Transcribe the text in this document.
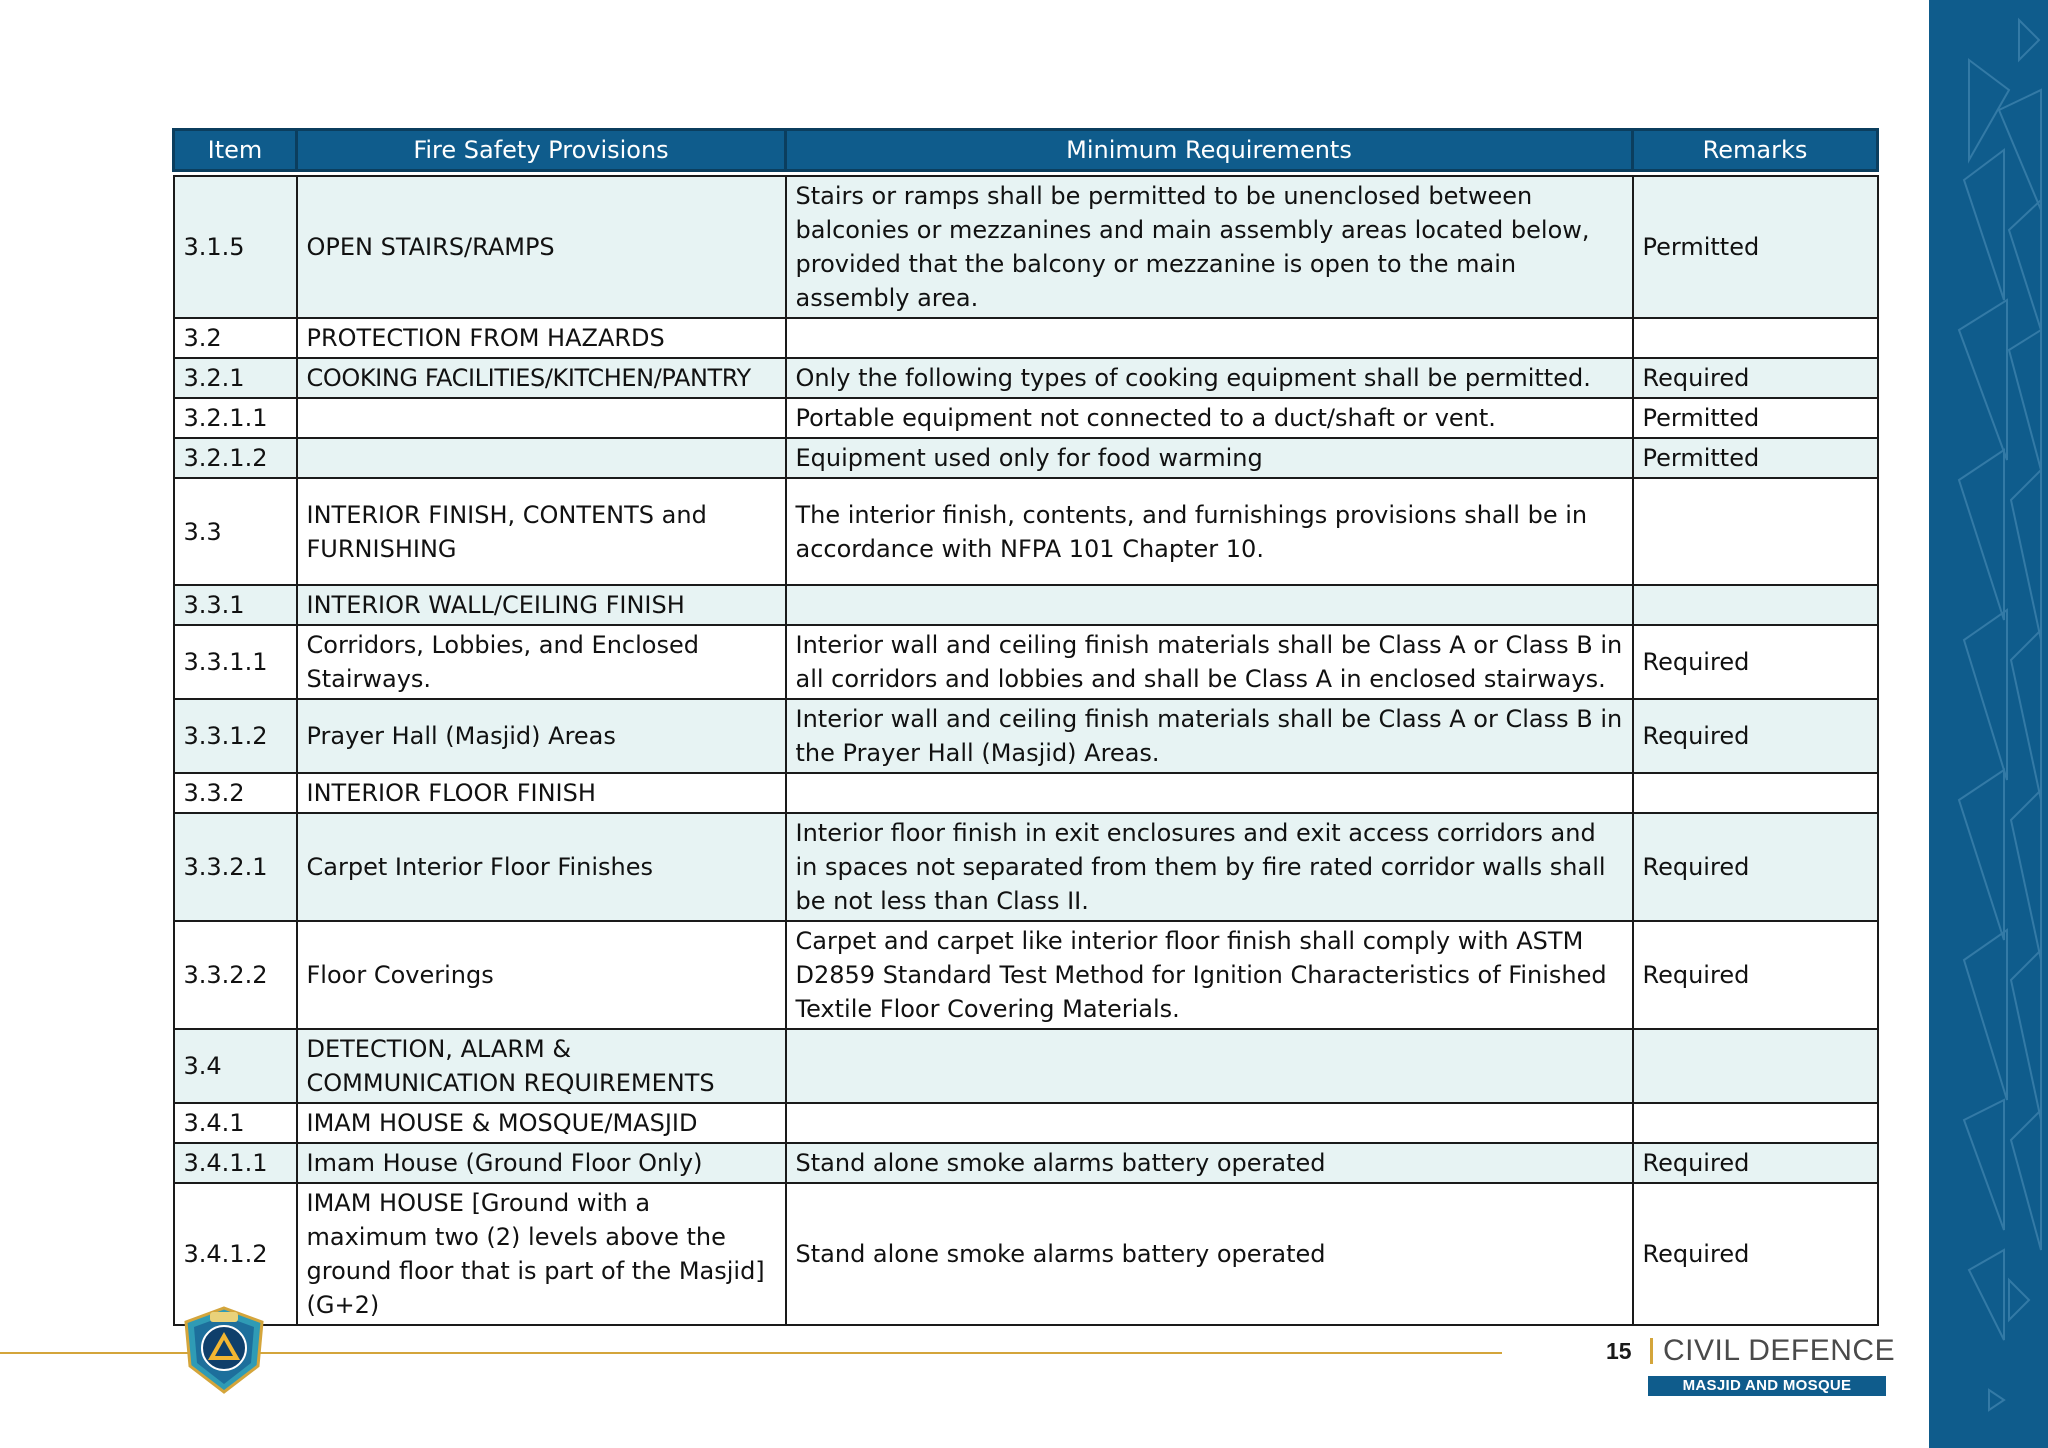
Item	Fire Safety Provisions	Minimum Requirements	Remarks

3.1.5	OPEN STAIRS/RAMPS	Stairs or ramps shall be permitted to be unenclosed between balconies or mezzanines and main assembly areas located below, provided that the balcony or mezzanine is open to the main assembly area.	Permitted
3.2	PROTECTION FROM HAZARDS		
3.2.1	COOKING FACILITIES/KITCHEN/PANTRY	Only the following types of cooking equipment shall be permitted.	Required
3.2.1.1		Portable equipment not connected to a duct/shaft or vent.	Permitted
3.2.1.2		Equipment used only for food warming	Permitted
3.3	INTERIOR FINISH, CONTENTS and FURNISHING	The interior finish, contents, and furnishings provisions shall be in accordance with NFPA 101 Chapter 10.	
3.3.1	INTERIOR WALL/CEILING FINISH		
3.3.1.1	Corridors, Lobbies, and Enclosed Stairways.	Interior wall and ceiling finish materials shall be Class A or Class B in all corridors and lobbies and shall be Class A in enclosed stairways.	Required
3.3.1.2	Prayer Hall (Masjid) Areas	Interior wall and ceiling finish materials shall be Class A or Class B in the Prayer Hall (Masjid) Areas.	Required
3.3.2	INTERIOR FLOOR FINISH		
3.3.2.1	Carpet Interior Floor Finishes	Interior floor finish in exit enclosures and exit access corridors and in spaces not separated from them by fire rated corridor walls shall be not less than Class II.	Required
3.3.2.2	Floor Coverings	Carpet and carpet like interior floor finish shall comply with ASTM D2859 Standard Test Method for Ignition Characteristics of Finished Textile Floor Covering Materials.	Required
3.4	DETECTION, ALARM & COMMUNICATION REQUIREMENTS		
3.4.1	IMAM HOUSE & MOSQUE/MASJID		
3.4.1.1	Imam House (Ground Floor Only)	Stand alone smoke alarms battery operated	Required
3.4.1.2	IMAM HOUSE [Ground with a maximum two (2) levels above the ground floor that is part of the Masjid] (G+2)	Stand alone smoke alarms battery operated	Required
15 CIVIL DEFENCE
MASJID AND MOSQUE
